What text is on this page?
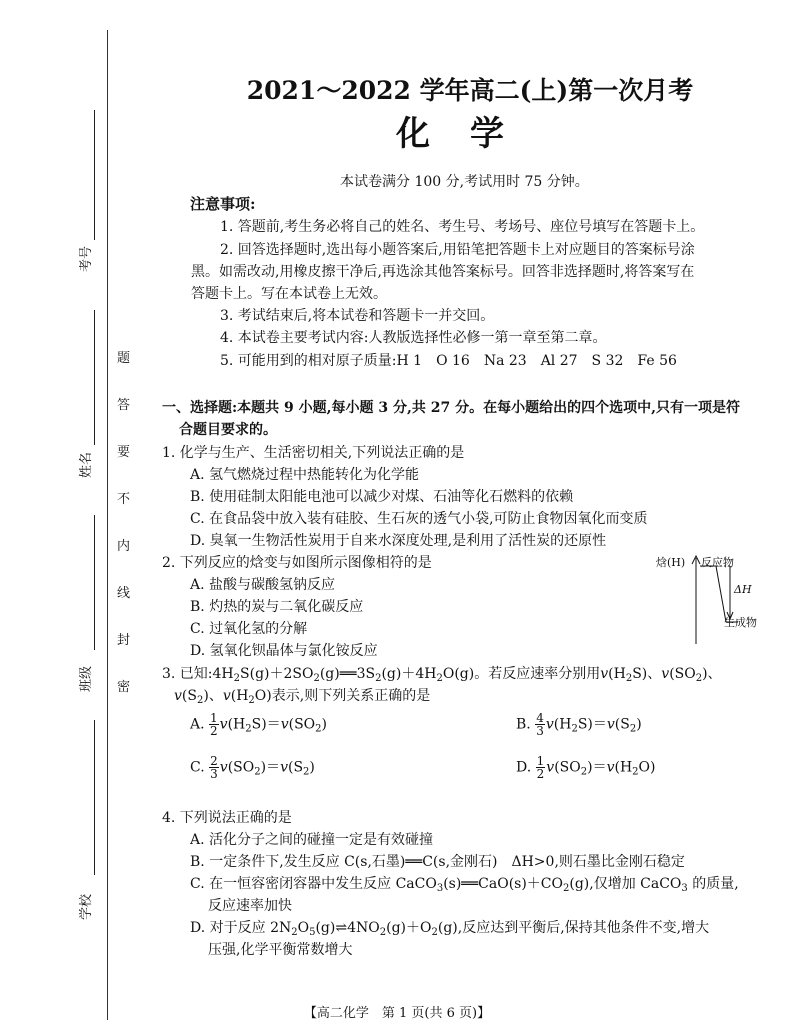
考号
姓名
班级
学校
题
答
要
不
内
线
封
密
2021～2022 学年高二(上)第一次月考
化学
本试卷满分 100 分,考试用时 75 分钟。
注意事项:
1. 答题前,考生务必将自己的姓名、考生号、考场号、座位号填写在答题卡上。
2. 回答选择题时,选出每小题答案后,用铅笔把答题卡上对应题目的答案标号涂
黑。如需改动,用橡皮擦干净后,再选涂其他答案标号。回答非选择题时,将答案写在
答题卡上。写在本试卷上无效。
3. 考试结束后,将本试卷和答题卡一并交回。
4. 本试卷主要考试内容:人教版选择性必修一第一章至第二章。
5. 可能用到的相对原子质量:H 1　O 16　Na 23　Al 27　S 32　Fe 56
一、选择题:本题共 9 小题,每小题 3 分,共 27 分。在每小题给出的四个选项中,只有一项是符
合题目要求的。
1. 化学与生产、生活密切相关,下列说法正确的是
A. 氢气燃烧过程中热能转化为化学能
B. 使用硅制太阳能电池可以减少对煤、石油等化石燃料的依赖
C. 在食品袋中放入装有硅胶、生石灰的透气小袋,可防止食物因氧化而变质
D. 臭氧一生物活性炭用于自来水深度处理,是利用了活性炭的还原性
2. 下列反应的焓变与如图所示图像相符的是
A. 盐酸与碳酸氢钠反应
B. 灼热的炭与二氧化碳反应
C. 过氧化氢的分解
D. 氢氧化钡晶体与氯化铵反应
焓(H) 反应物
ΔH
生成物
3. 已知$:4H_2S(g)+2SO_2(g)══3S_2(g)+4H_2O(g)$。若反应速率分别用$v(H_2S)$、$v(SO_2)$、
$v(S_2)$、$v(H_2O)$表示,则下列关系正确的是
A. $\frac{1}{2} v(H_2S)=v(SO_2)$	B. $\frac{4}{3} v(H_2S)=v(S_2)$
C. $\frac{2}{3} v(SO_2)=v(S_2)$	D. $\frac{1}{2} v(SO_2)=v(H_2O)$
4. 下列说法正确的是
A. 活化分子之间的碰撞一定是有效碰撞
B. 一定条件下,发生反应 C(s,石墨)══C(s,金刚石)　ΔH>0,则石墨比金刚石稳定
C. 在一恒容密闭容器中发生反应 $CaCO_3(s)══CaO(s)+CO_2(g)$,仅增加 CaCO$_3$ 的质量,
反应速率加快
D. 对于反应 $2N_2O_5(g)\rightleftharpoons 4NO_2(g)+O_2(g)$,反应达到平衡后,保持其他条件不变,增大
压强,化学平衡常数增大
【高二化学　第 1 页(共 6 页)】
